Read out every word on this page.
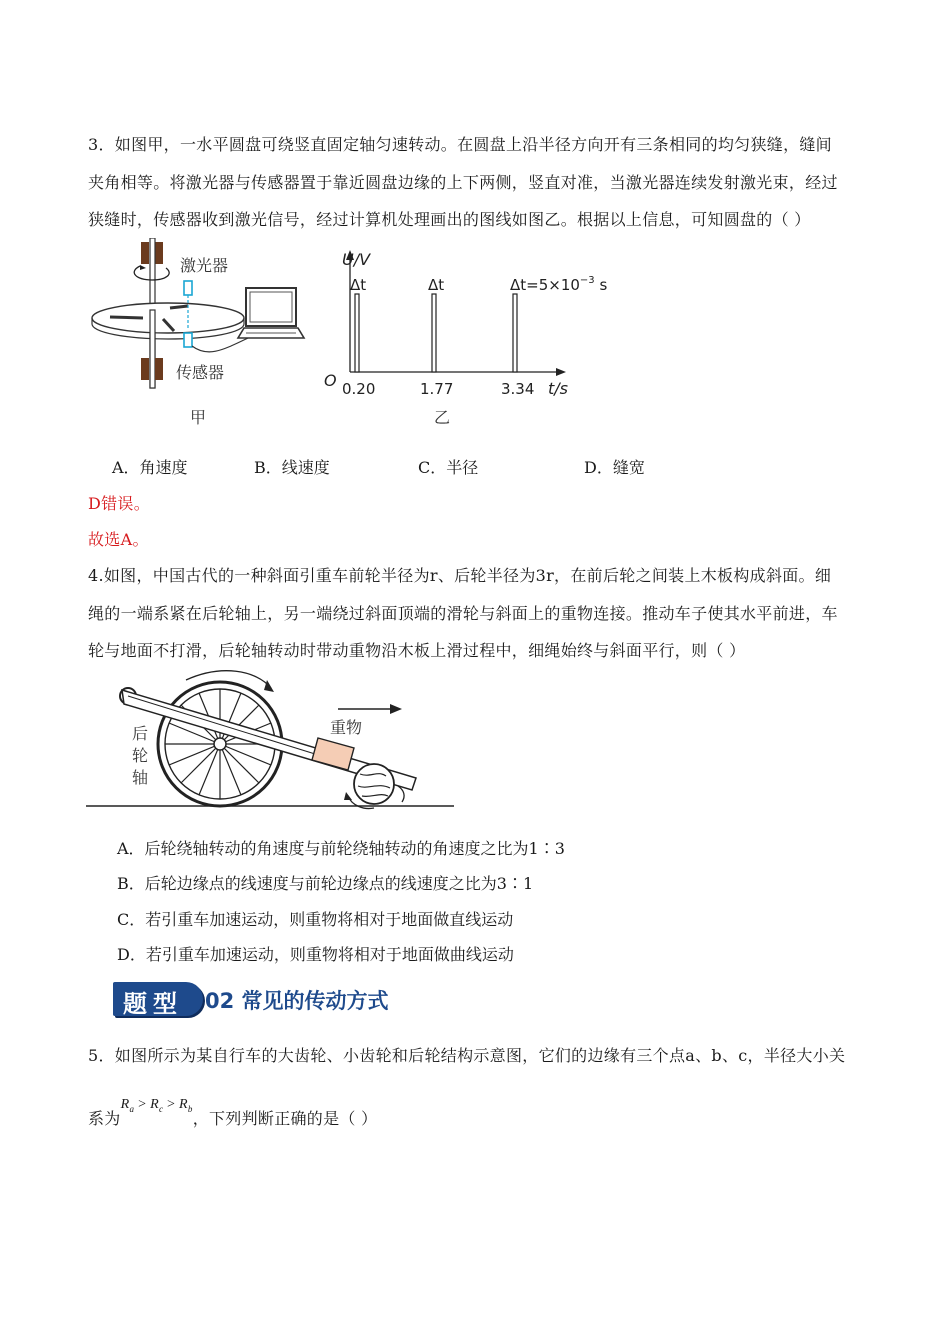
3．如图甲，一水平圆盘可绕竖直固定轴匀速转动。在圆盘上沿半径方向开有三条相同的均匀狭缝，缝间
夹角相等。将激光器与传感器置于靠近圆盘边缘的上下两侧，竖直对准，当激光器连续发射激光束，经过
狭缝时，传感器收到激光信号，经过计算机处理画出的图线如图乙。根据以上信息，可知圆盘的（ ）
激光器
传感器
甲
U/V
Δt	Δt	$\Delta t=5\times 10^{-3}$ s
O 0.20	1.77	3.34 t/s
乙
A．角速度	B．线速度	C．半径	D．缝宽
D错误。
故选A。
4.如图，中国古代的一种斜面引重车前轮半径为r、后轮半径为3r，在前后轮之间装上木板构成斜面。细
绳的一端系紧在后轮轴上，另一端绕过斜面顶端的滑轮与斜面上的重物连接。推动车子使其水平前进，车
轮与地面不打滑，后轮轴转动时带动重物沿木板上滑过程中，细绳始终与斜面平行，则（ ）
重物
后
轮
轴
A．后轮绕轴转动的角速度与前轮绕轴转动的角速度之比为1∶3
B．后轮边缘点的线速度与前轮边缘点的线速度之比为3∶1
C．若引重车加速运动，则重物将相对于地面做直线运动
D．若引重车加速运动，则重物将相对于地面做曲线运动
题型 02 常见的传动方式
5．如图所示为某自行车的大齿轮、小齿轮和后轮结构示意图，它们的边缘有三个点a、b、c，半径大小关
系为$R_a > R_c > R_b$，下列判断正确的是（ ）
